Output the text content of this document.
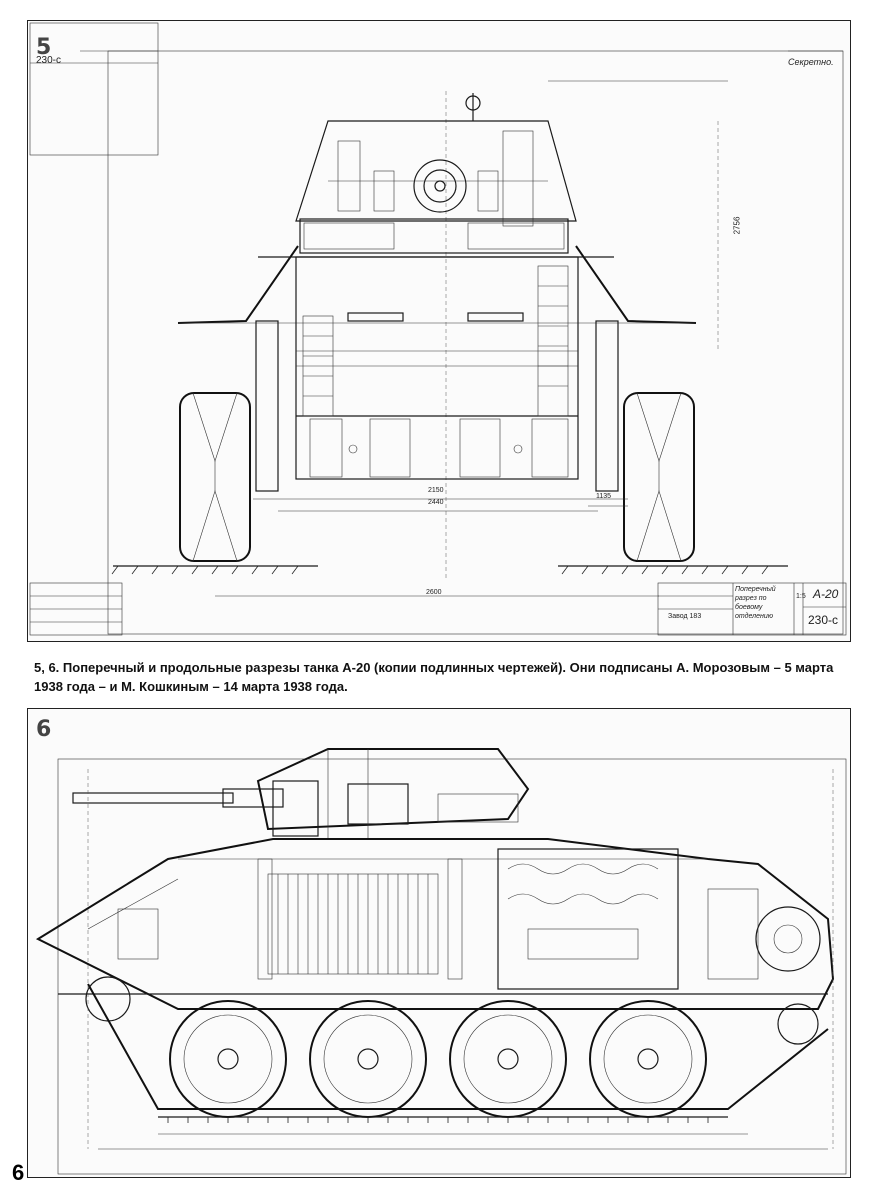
5
230-с	Секретно.
2756
2440
2150
1135
2600	Поперечный разрез по боевому отделению
1:5 А-20
230-с
Завод 183
5, 6. Поперечный и продольные разрезы танка А-20 (копии подлинных чертежей). Они подписаны А. Морозовым – 5 марта 1938 года – и М. Кошкиным – 14 марта 1938 года.
6
6
